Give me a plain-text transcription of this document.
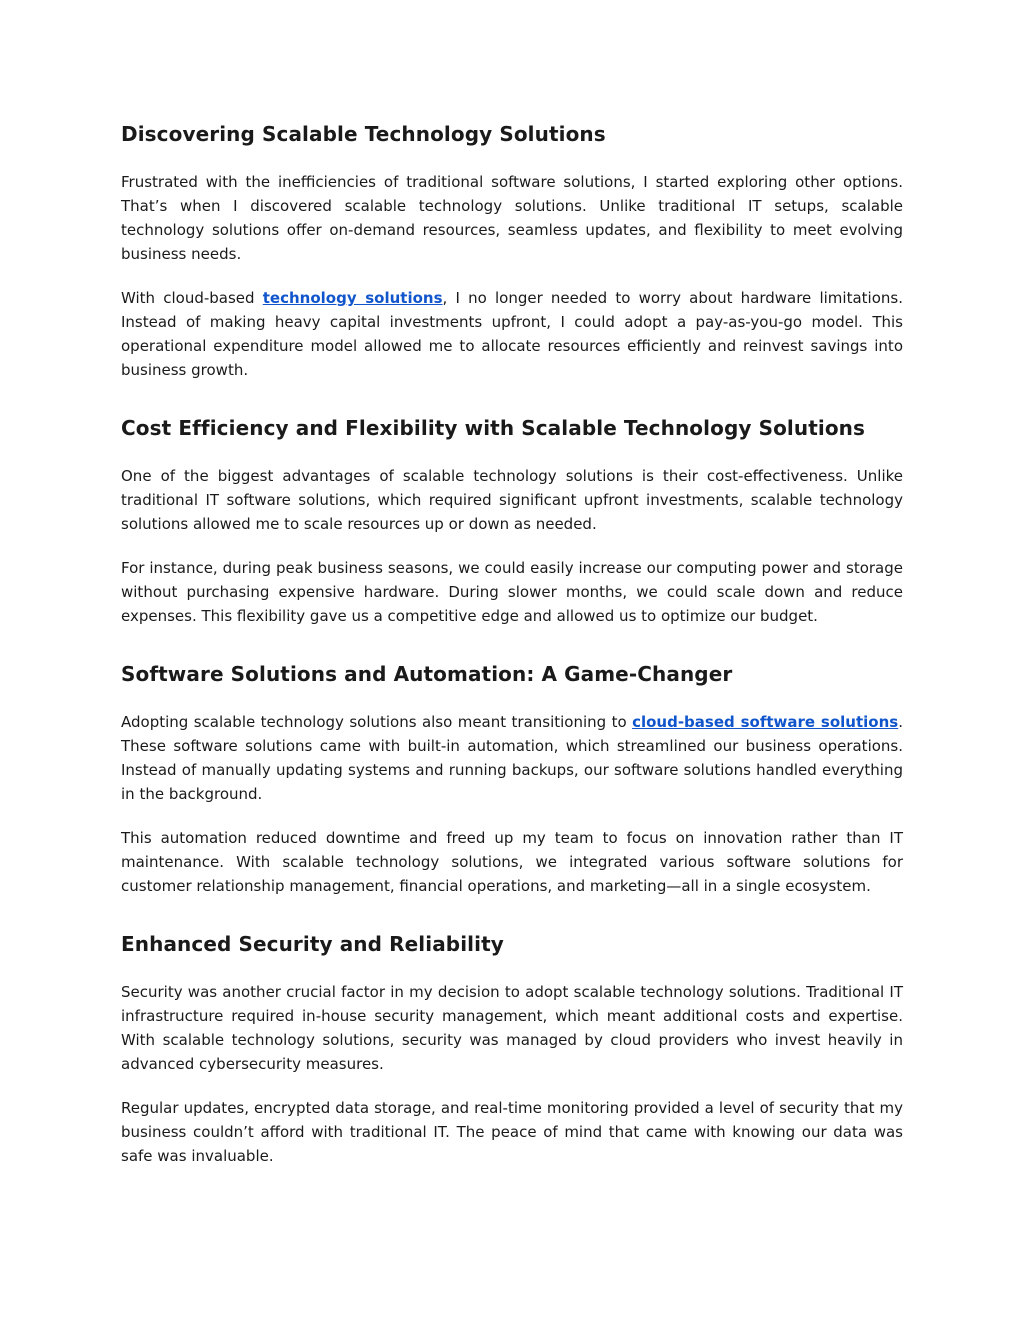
Discovering Scalable Technology Solutions

Frustrated with the inefficiencies of traditional software solutions, I started exploring other options. That’s when I discovered scalable technology solutions. Unlike traditional IT setups, scalable technology solutions offer on-demand resources, seamless updates, and flexibility to meet evolving business needs.

With cloud-based technology solutions, I no longer needed to worry about hardware limitations. Instead of making heavy capital investments upfront, I could adopt a pay-as-you-go model. This operational expenditure model allowed me to allocate resources efficiently and reinvest savings into business growth.

Cost Efficiency and Flexibility with Scalable Technology Solutions

One of the biggest advantages of scalable technology solutions is their cost-effectiveness. Unlike traditional IT software solutions, which required significant upfront investments, scalable technology solutions allowed me to scale resources up or down as needed.

For instance, during peak business seasons, we could easily increase our computing power and storage without purchasing expensive hardware. During slower months, we could scale down and reduce expenses. This flexibility gave us a competitive edge and allowed us to optimize our budget.

Software Solutions and Automation: A Game-Changer

Adopting scalable technology solutions also meant transitioning to cloud-based software solutions. These software solutions came with built-in automation, which streamlined our business operations. Instead of manually updating systems and running backups, our software solutions handled everything in the background.

This automation reduced downtime and freed up my team to focus on innovation rather than IT maintenance. With scalable technology solutions, we integrated various software solutions for customer relationship management, financial operations, and marketing—all in a single ecosystem.

Enhanced Security and Reliability

Security was another crucial factor in my decision to adopt scalable technology solutions. Traditional IT infrastructure required in-house security management, which meant additional costs and expertise. With scalable technology solutions, security was managed by cloud providers who invest heavily in advanced cybersecurity measures.

Regular updates, encrypted data storage, and real-time monitoring provided a level of security that my business couldn’t afford with traditional IT. The peace of mind that came with knowing our data was safe was invaluable.
